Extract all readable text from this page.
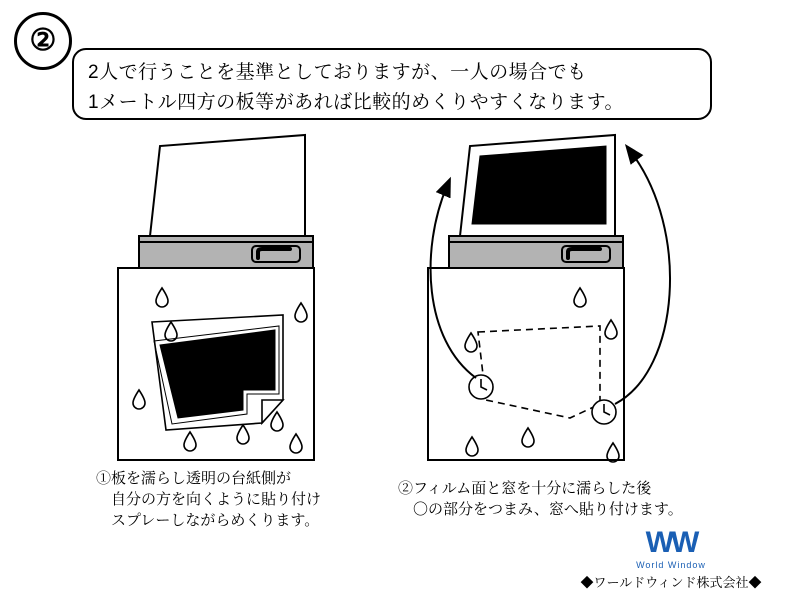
②
2人で行うことを基準としておりますが、一人の場合でも
1メートル四方の板等があれば比較的めくりやすくなります。
①板を濡らし透明の台紙側が
　自分の方を向くように貼り付け
　スプレーしながらめくります。
②フィルム面と窓を十分に濡らした後
　〇の部分をつまみ、窓へ貼り付けます。
WW
World Window
◆ワールドウィンド株式会社◆
